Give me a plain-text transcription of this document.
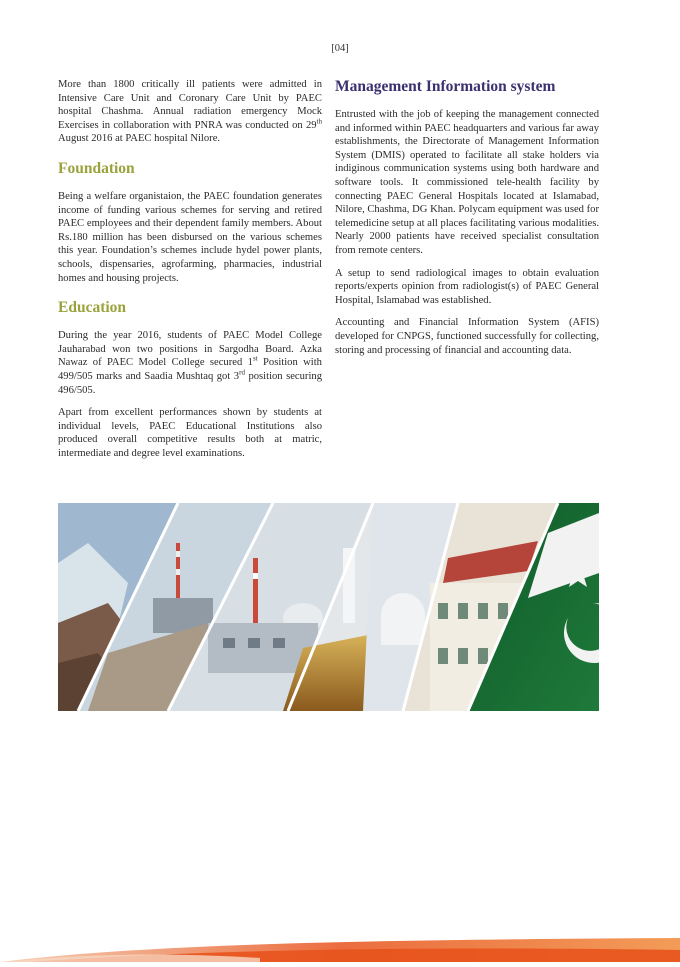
[04]

More than 1800 critically ill patients were admitted in Intensive Care Unit and Coronary Care Unit by PAEC hospital Chashma. Annual radiation emergency Mock Exercises in collaboration with PNRA was conducted on 29th August 2016 at PAEC hospital Nilore.

Foundation

Being a welfare organistaion, the PAEC foundation generates income of funding various schemes for serving and retired PAEC employees and their dependent family members. About Rs.180 million has been disbursed on the various schemes this year. Foundation’s schemes include hydel power plants, schools, dispensaries, agrofarming, pharmacies, industrial homes and housing projects.

Education

During the year 2016, students of PAEC Model College Jauharabad won two positions in Sargodha Board. Azka Nawaz of PAEC Model College secured 1st Position with 499/505 marks and Saadia Mushtaq got 3rd position securing 496/505.

Apart from excellent performances shown by students at individual levels, PAEC Educational Institutions also produced overall competitive results both at matric, intermediate and degree level examinations.

Management Information system

Entrusted with the job of keeping the management connected and informed within PAEC headquarters and various far away establishments, the Directorate of Management Information System (DMIS) operated to facilitate all stake holders via indiginous communication systems using both hardware and software tools. It commissioned tele-health facility by connecting PAEC General Hospitals located at Islamabad, Nilore, Chashma, DG Khan. Polycam equipment was used for telemedicine setup at all places facilitating various modalities. Nearly 2000 patients have received specialist consultation from remote centers.

A setup to send radiological images to obtain evaluation reports/experts opinion from radiologist(s) of PAEC General Hospital, Islamabad was established.

Accounting and Financial Information System (AFIS) developed for CNPGS, functioned successfully for collecting, storing and processing of financial and accounting data.
